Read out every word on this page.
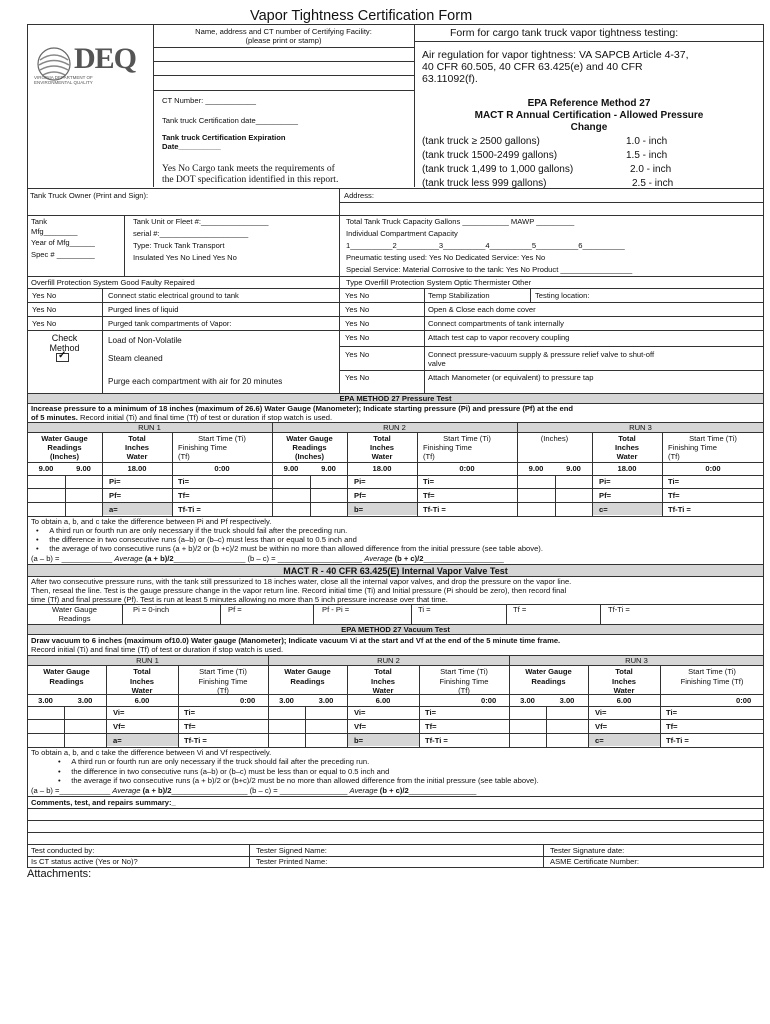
Vapor Tightness Certification Form
DEQ
VIRGINIA DEPARTMENT OF
ENVIRONMENTAL QUALITY
Name, address and CT number of Certifying Facility:
(please print or stamp)
CT Number: ____________
Tank truck Certification date__________
Tank truck Certification Expiration
Date__________
Yes No Cargo tank meets the requirements of
the DOT specification identified in this report.
Form for cargo tank truck vapor tightness testing:
Air regulation for vapor tightness: VA SAPCB Article 4-37,
40 CFR 60.505, 40 CFR 63.425(e) and 40 CFR
63.11092(f).
EPA Reference Method 27
MACT R Annual Certification - Allowed Pressure
Change
(tank truck ≥ 2500 gallons)	1.0 - inch
(tank truck 1500-2499 gallons)	1.5 - inch
(tank truck 1,499 to 1,000 gallons)	2.0 - inch
(tank truck less 999 gallons)	2.5 - inch
Tank Truck Owner (Print and Sign):	Address:
Tank
Mfg________
Year of Mfg______
Spec # _________
Tank Unit or Fleet #:________________
serial #:_____________________
Type: Truck Tank Transport
Insulated Yes No Lined Yes No
Total Tank Truck Capacity Gallons ___________ MAWP _________
Individual Compartment Capacity
1__________2__________3__________4__________5__________6__________
Pneumatic testing used: Yes No Dedicated Service: Yes No
Special Service: Material Corrosive to the tank: Yes No Product _________________
Overfill Protection System Good Faulty Repaired	Type Overfill Protection System Optic Thermister Other
Yes No	Connect static electrical ground to tank	Yes No	Temp Stabilization	Testing location:
Yes No	Purged lines of liquid	Yes No	Open & Close each dome cover
Yes No	Purged tank compartments of Vapor:	Yes No	Connect compartments of tank internally
Check
Method
✓
Load of Non-Volatile
Steam cleaned
Purge each compartment with air for 20 minutes
Yes No	Attach test cap to vapor recovery coupling
Yes No	Connect pressure-vacuum supply & pressure relief valve to shut-off
valve
Yes No	Attach Manometer (or equivalent) to pressure tap
EPA METHOD 27 Pressure Test
Increase pressure to a minimum of 18 inches (maximum of 26.6) Water Gauge (Manometer); Indicate starting pressure (Pi) and pressure (Pf) at the end
of 5 minutes. Record initial (Ti) and final time (Tf) of test or duration if stop watch is used.
RUN 1	RUN 2	RUN 3
Water Gauge
Readings
(Inches)
Total
Inches
Water
Start Time (Ti)
Finishing Time
(Tf)
9.00	9.00	18.00	0:00
Pi=	Ti=
Pf=	Tf=
a=	Tf-Ti =
Water Gauge
Readings
(Inches)
Total
Inches
Water
Start Time (Ti)
Finishing Time
(Tf)
9.00	9.00	18.00	0:00
Pi=	Ti=
Pf=	Tf=
b=	Tf-Ti =
(Inches)	Total
Inches
Water
Start Time (Ti)
Finishing Time
(Tf)
9.00	9.00	18.00	0:00
Pi=	Ti=
Pf=	Tf=
c=	Tf-Ti =
To obtain a, b, and c take the difference between Pi and Pf respectively.
•     A third run or fourth run are only necessary if the truck should fail after the preceding run.
•     the difference in two consecutive runs (a–b) or (b–c) must less than or equal to 0.5 inch and
•     the average of two consecutive runs (a + b)/2 or (b +c)/2 must be within no more than allowed difference from the initial pressure (see table above).
(a – b) = ____________ Average (a + b)/2_________________ (b – c) = ____________________ Average (b + c)/2___________________
MACT R - 40 CFR 63.425(E) Internal Vapor Valve Test
After two consecutive pressure runs, with the tank still pressurized to 18 inches water, close all the internal vapor valves, and drop the pressure on the vapor line.
Then, reseal the line. Test is the gauge pressure change in the vapor return line. Record initial time (Ti) and Initial pressure (Pi should be zero), then record final
time (Tf) and final pressure (Pf). Test is run at least 5 minutes allowing no more than 5 inch pressure increase over that time.
Water Gauge
Readings
Pi = 0-inch	Pf =	Pf - Pi =	Ti =	Tf =	Tf-Ti =
EPA METHOD 27 Vacuum Test
Draw vacuum to 6 inches (maximum of10.0) Water gauge (Manometer); Indicate vacuum Vi at the start and Vf at the end of the 5 minute time frame.
Record initial (Ti) and final time (Tf) of test or duration if stop watch is used.
RUN 1	RUN 2	RUN 3
Water Gauge
Readings
Total
Inches
Water
Start Time (Ti)
Finishing Time
(Tf)
3.00	3.00	6.00	0:00
Vi=	Ti=
Vf=	Tf=
a=	Tf-Ti =
Water Gauge
Readings
Total
Inches
Water
Start Time (Ti)
Finishing Time
(Tf)
3.00	3.00	6.00	0:00
Vi=	Ti=
Vf=	Tf=
b=	Tf-Ti =
Water Gauge
Readings
Total
Inches
Water
Start Time (Ti)
Finishing Time (Tf)
3.00	3.00	6.00	0:00
Vi=	Ti=
Vf=	Tf=
c=	Tf-Ti =
To obtain a, b, and c take the difference between Vi and Vf respectively.
•     A third run or fourth run are only necessary if the truck should fail after the preceding run.
•     the difference in two consecutive runs (a–b) or (b–c) must be less than or equal to 0.5 inch and
•     the average if two consecutive runs (a + b)/2 or (b+c)/2 must be no more than allowed difference from the initial pressure (see table above).
(a – b) =____________ Average (a + b)/2__________________ (b – c) = ________________ Average (b + c)/2________________
Comments, test, and repairs summary:_
Test conducted by:	Tester Signed Name:	Tester Signature date:
Is CT status active (Yes or No)?	Tester Printed Name:	ASME Certificate Number:
Attachments:
